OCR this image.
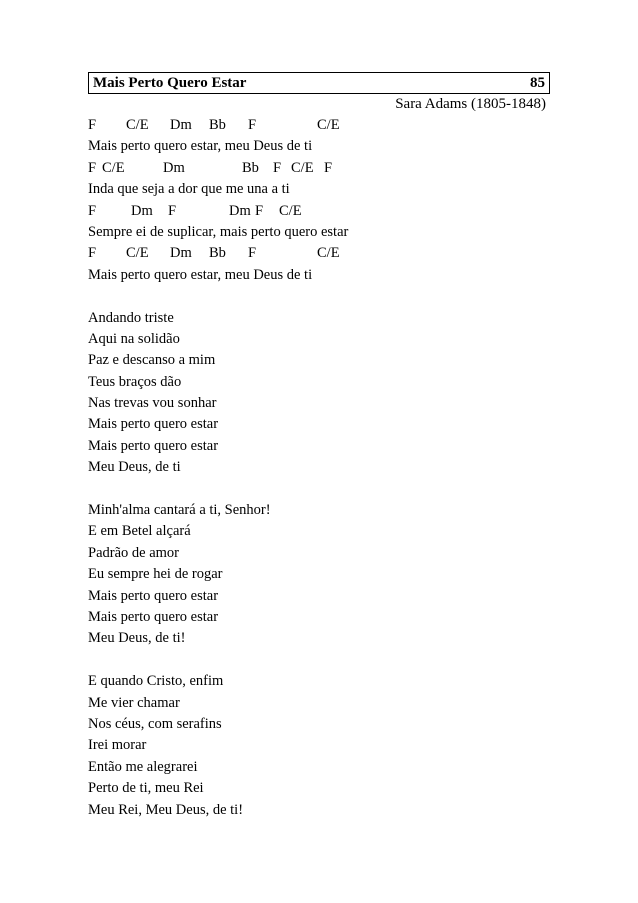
Mais Perto Quero Estar	85
Sara Adams (1805-1848)
F C/E Dm Bb F	C/E
Mais perto quero estar, meu Deus de ti
F C/E	Dm	Bb F C/E F
Inda que seja a dor que me una a ti
F Dm F	Dm F C/E
Sempre ei de suplicar, mais perto quero estar
F C/E Dm Bb F	C/E
Mais perto quero estar, meu Deus de ti
Andando triste
Aqui na solidão
Paz e descanso a mim
Teus braços dão
Nas trevas vou sonhar
Mais perto quero estar
Mais perto quero estar
Meu Deus, de ti
Minh'alma cantará a ti, Senhor!
E em Betel alçará
Padrão de amor
Eu sempre hei de rogar
Mais perto quero estar
Mais perto quero estar
Meu Deus, de ti!
E quando Cristo, enfim
Me vier chamar
Nos céus, com serafins
Irei morar
Então me alegrarei
Perto de ti, meu Rei
Meu Rei, Meu Deus, de ti!
